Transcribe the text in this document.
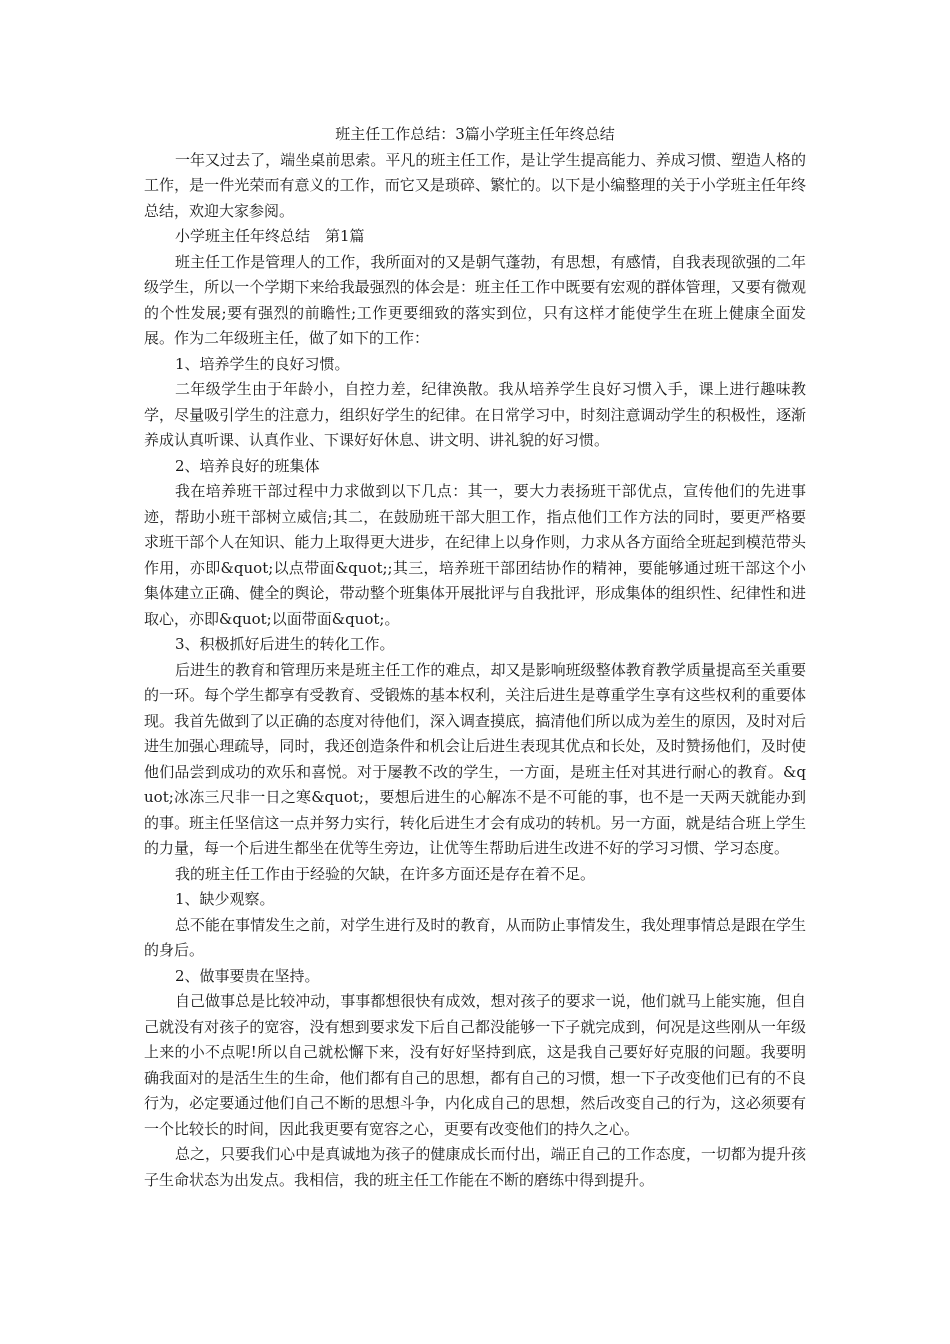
班主任工作总结：3篇小学班主任年终总结

一年又过去了，端坐桌前思索。平凡的班主任工作，是让学生提高能力、养成习惯、塑造人格的工作，是一件光荣而有意义的工作，而它又是琐碎、繁忙的。以下是小编整理的关于小学班主任年终总结，欢迎大家参阅。

小学班主任年终总结　第1篇

班主任工作是管理人的工作，我所面对的又是朝气蓬勃，有思想，有感情，自我表现欲强的二年级学生，所以一个学期下来给我最强烈的体会是：班主任工作中既要有宏观的群体管理，又要有微观的个性发展;要有强烈的前瞻性;工作更要细致的落实到位，只有这样才能使学生在班上健康全面发展。作为二年级班主任，做了如下的工作：

1、培养学生的良好习惯。

二年级学生由于年龄小，自控力差，纪律涣散。我从培养学生良好习惯入手，课上进行趣味教学，尽量吸引学生的注意力，组织好学生的纪律。在日常学习中，时刻注意调动学生的积极性，逐渐养成认真听课、认真作业、下课好好休息、讲文明、讲礼貌的好习惯。

2、培养良好的班集体

我在培养班干部过程中力求做到以下几点：其一，要大力表扬班干部优点，宣传他们的先进事迹，帮助小班干部树立威信;其二，在鼓励班干部大胆工作，指点他们工作方法的同时，要更严格要求班干部个人在知识、能力上取得更大进步，在纪律上以身作则，力求从各方面给全班起到模范带头作用，亦即&quot;以点带面&quot;;其三，培养班干部团结协作的精神，要能够通过班干部这个小集体建立正确、健全的舆论，带动整个班集体开展批评与自我批评，形成集体的组织性、纪律性和进取心，亦即&quot;以面带面&quot;。

3、积极抓好后进生的转化工作。

后进生的教育和管理历来是班主任工作的难点，却又是影响班级整体教育教学质量提高至关重要的一环。每个学生都享有受教育、受锻炼的基本权利，关注后进生是尊重学生享有这些权利的重要体现。我首先做到了以正确的态度对待他们，深入调查摸底，搞清他们所以成为差生的原因，及时对后进生加强心理疏导，同时，我还创造条件和机会让后进生表现其优点和长处，及时赞扬他们，及时使他们品尝到成功的欢乐和喜悦。对于屡教不改的学生，一方面，是班主任对其进行耐心的教育。&quot;冰冻三尺非一日之寒&quot;，要想后进生的心解冻不是不可能的事，也不是一天两天就能办到的事。班主任坚信这一点并努力实行，转化后进生才会有成功的转机。另一方面，就是结合班上学生的力量，每一个后进生都坐在优等生旁边，让优等生帮助后进生改进不好的学习习惯、学习态度。

我的班主任工作由于经验的欠缺，在许多方面还是存在着不足。

1、缺少观察。

总不能在事情发生之前，对学生进行及时的教育，从而防止事情发生，我处理事情总是跟在学生的身后。

2、做事要贵在坚持。

自己做事总是比较冲动，事事都想很快有成效，想对孩子的要求一说，他们就马上能实施，但自己就没有对孩子的宽容，没有想到要求发下后自己都没能够一下子就完成到，何况是这些刚从一年级上来的小不点呢!所以自己就松懈下来，没有好好坚持到底，这是我自己要好好克服的问题。我要明确我面对的是活生生的生命，他们都有自己的思想，都有自己的习惯，想一下子改变他们已有的不良行为，必定要通过他们自己不断的思想斗争，内化成自己的思想，然后改变自己的行为，这必须要有一个比较长的时间，因此我更要有宽容之心，更要有改变他们的持久之心。

总之，只要我们心中是真诚地为孩子的健康成长而付出，端正自己的工作态度，一切都为提升孩子生命状态为出发点。我相信，我的班主任工作能在不断的磨练中得到提升。
